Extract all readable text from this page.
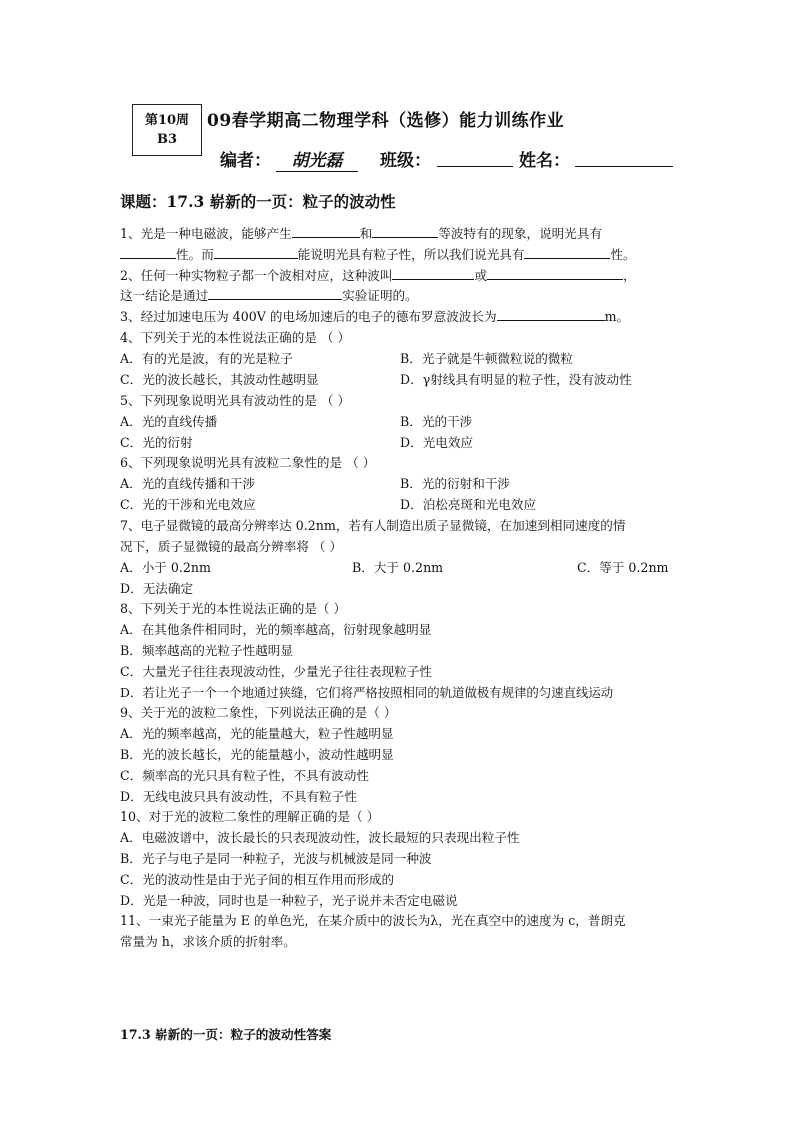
第10周
B3
09春学期高二物理学科（选修）能力训练作业
编者：	胡光磊	班级：	姓名：
课题：17.3 崭新的一页：粒子的波动性
1、光是一种电磁波，能够产生	和	等波特有的现象，说明光具有
性。而	能说明光具有粒子性，所以我们说光具有	性。
2、任何一种实物粒子都一个波相对应，这种波叫	或	，
这一结论是通过	实验证明的。
3、经过加速电压为 400V 的电场加速后的电子的德布罗意波波长为	m。
4、下列关于光的本性说法正确的是 （ ）
A．有的光是波，有的光是粒子	B．光子就是牛顿微粒说的微粒
C．光的波长越长，其波动性越明显	D．γ射线具有明显的粒子性，没有波动性
5、下列现象说明光具有波动性的是 （ ）
A．光的直线传播	B．光的干涉
C．光的衍射	D．光电效应
6、下列现象说明光具有波粒二象性的是 （ ）
A．光的直线传播和干涉	B．光的衍射和干涉
C．光的干涉和光电效应	D．泊松亮斑和光电效应
7、电子显微镜的最高分辨率达 0.2nm，若有人制造出质子显微镜，在加速到相同速度的情
况下，质子显微镜的最高分辨率将 （ ）
A．小于 0.2nm	B．大于 0.2nm	C．等于 0.2nm
D．无法确定
8、下列关于光的本性说法正确的是（ ）
A．在其他条件相同时，光的频率越高，衍射现象越明显
B．频率越高的光粒子性越明显
C．大量光子往往表现波动性，少量光子往往表现粒子性
D．若让光子一个一个地通过狭缝，它们将严格按照相同的轨道做极有规律的匀速直线运动
9、关于光的波粒二象性，下列说法正确的是（ ）
A．光的频率越高，光的能量越大，粒子性越明显
B．光的波长越长，光的能量越小，波动性越明显
C．频率高的光只具有粒子性，不具有波动性
D．无线电波只具有波动性，不具有粒子性
10、对于光的波粒二象性的理解正确的是（ ）
A．电磁波谱中，波长最长的只表现波动性，波长最短的只表现出粒子性
B．光子与电子是同一种粒子，光波与机械波是同一种波
C．光的波动性是由于光子间的相互作用而形成的
D．光是一种波，同时也是一种粒子，光子说并未否定电磁说
11、一束光子能量为 E 的单色光，在某介质中的波长为λ，光在真空中的速度为 c，普朗克
常量为 h，求该介质的折射率。
17.3 崭新的一页：粒子的波动性答案
